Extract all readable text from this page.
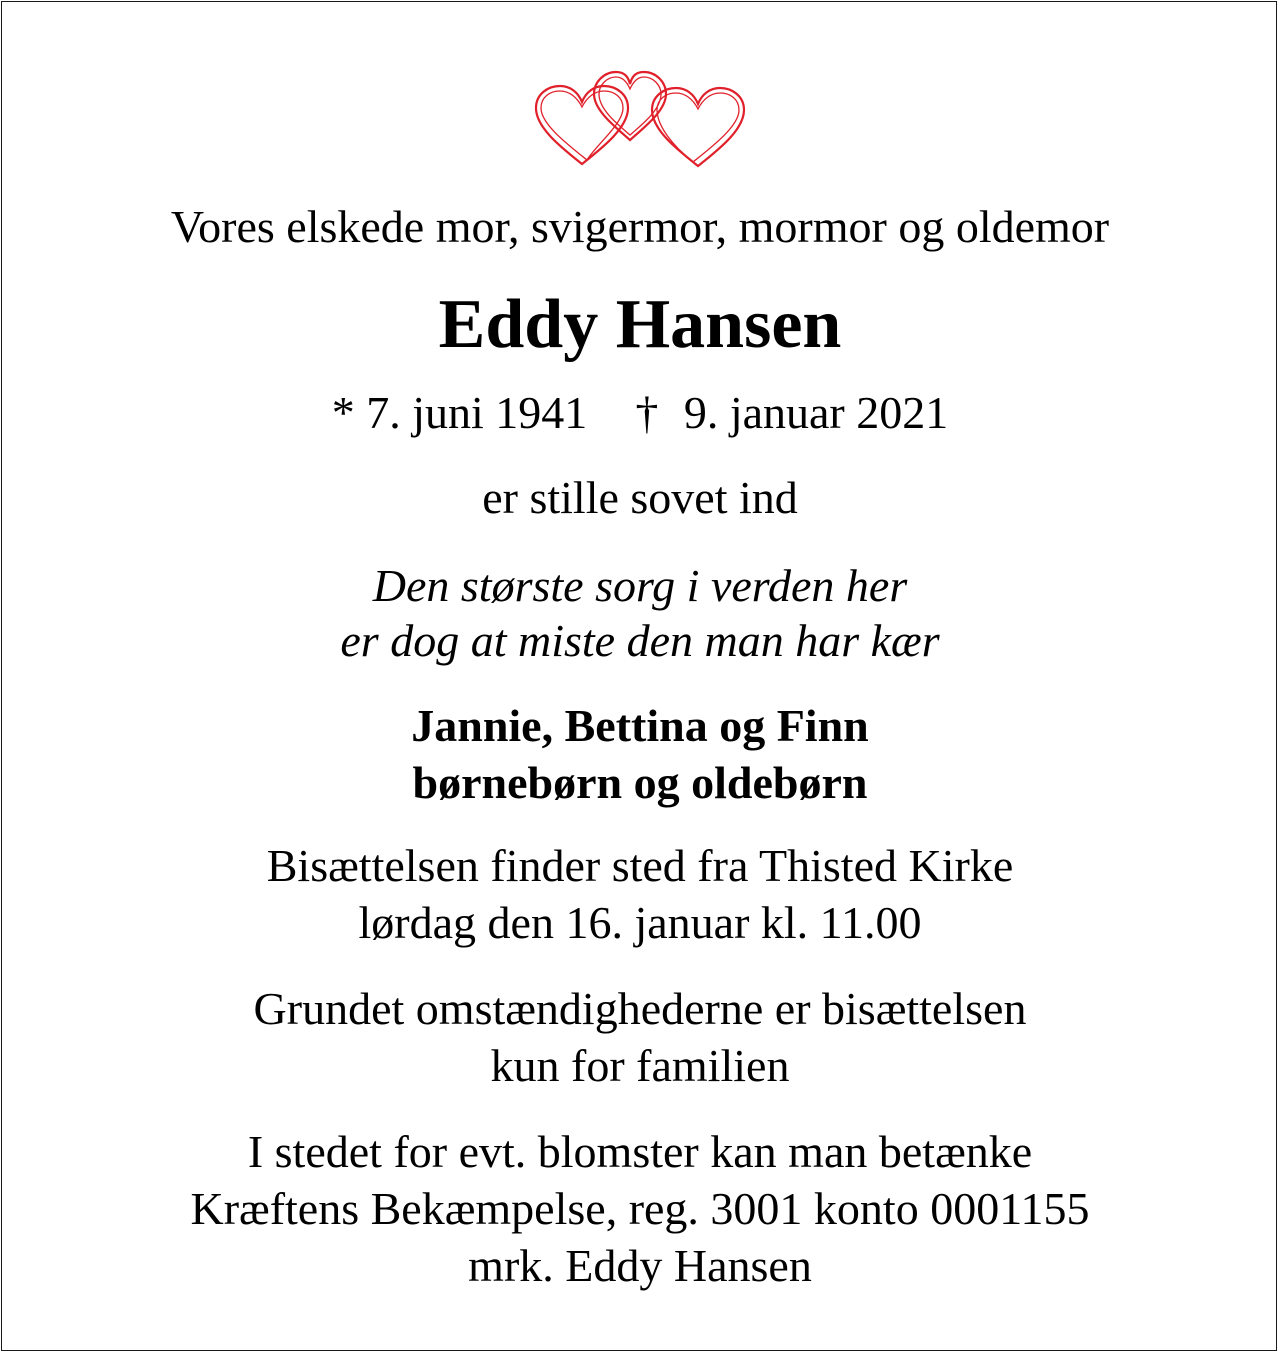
Vores elskede mor, svigermor, mormor og oldemor
Eddy Hansen
* 7. juni 1941 † 9. januar 2021
er stille sovet ind
Den største sorg i verden her
er dog at miste den man har kær
Jannie, Bettina og Finn
børnebørn og oldebørn
Bisættelsen finder sted fra Thisted Kirke
lørdag den 16. januar kl. 11.00
Grundet omstændighederne er bisættelsen
kun for familien
I stedet for evt. blomster kan man betænke
Kræftens Bekæmpelse, reg. 3001 konto 0001155
mrk. Eddy Hansen
